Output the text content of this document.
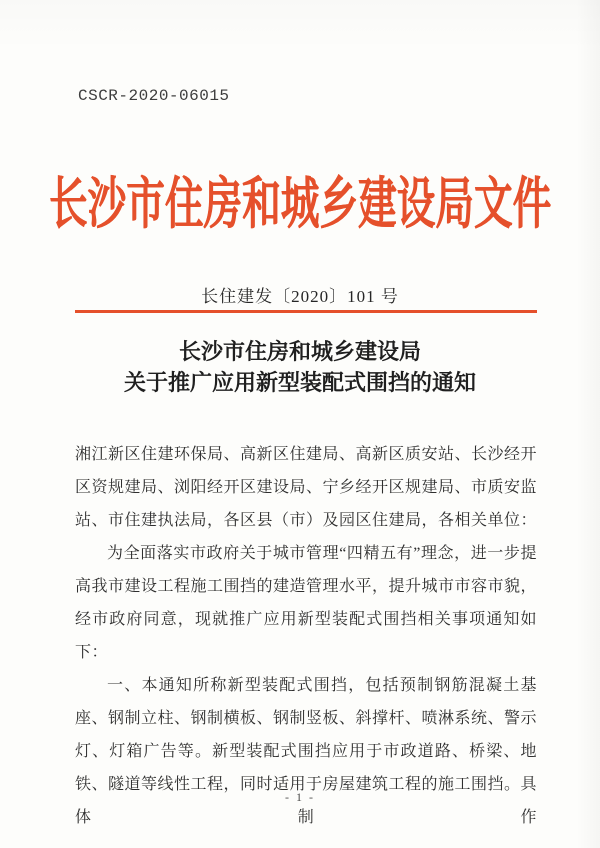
CSCR-2020-06015
长沙市住房和城乡建设局文件
长住建发〔2020〕101 号
长沙市住房和城乡建设局
关于推广应用新型装配式围挡的通知

湘江新区住建环保局、高新区住建局、高新区质安站、长沙经开区资规建局、浏阳经开区建设局、宁乡经开区规建局、市质安监站、市住建执法局，各区县（市）及园区住建局，各相关单位：

为全面落实市政府关于城市管理“四精五有”理念，进一步提高我市建设工程施工围挡的建造管理水平，提升城市市容市貌，经市政府同意，现就推广应用新型装配式围挡相关事项通知如下：

一、本通知所称新型装配式围挡，包括预制钢筋混凝土基座、钢制立柱、钢制横板、钢制竖板、斜撑杆、喷淋系统、警示灯、灯箱广告等。新型装配式围挡应用于市政道路、桥梁、地铁、隧道等线性工程，同时适用于房屋建筑工程的施工围挡。具体制作

- 1 -
